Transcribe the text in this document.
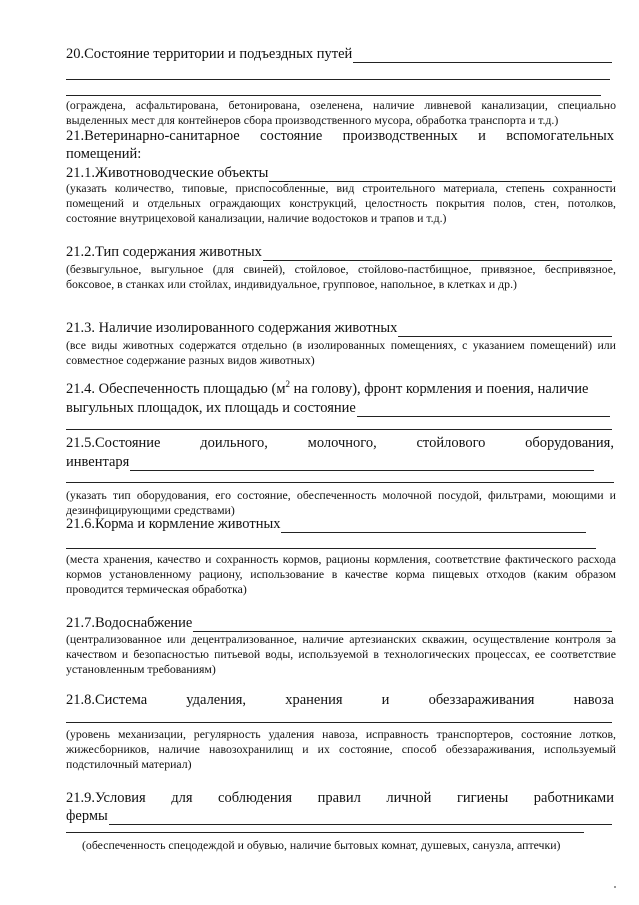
20.Состояние территории и подъездных путей
(ограждена, асфальтирована, бетонирована, озеленена, наличие ливневой канализации, специально выделенных мест для контейнеров сбора производственного мусора, обработка транспорта и т.д.)
21.Ветеринарно-санитарное состояние производственных и вспомогательных
помещений:
21.1.Животноводческие объекты
(указать количество, типовые, приспособленные, вид строительного материала, степень сохранности помещений и отдельных ограждающих конструкций, целостность покрытия полов, стен, потолков, состояние внутрицеховой канализации, наличие водостоков и трапов и т.д.)
21.2.Тип содержания животных
(безвыгульное, выгульное (для свиней), стойловое, стойлово-пастбищное, привязное, беспривязное, боксовое, в станках или стойлах, индивидуальное, групповое, напольное, в клетках и др.)
21.3. Наличие изолированного содержания животных
(все виды животных содержатся отдельно (в изолированных помещениях, с указанием помещений) или совместное содержание разных видов животных)
21.4. Обеспеченность площадью ($м^2$ на голову), фронт кормления и поения, наличие
выгульных площадок, их площадь и состояние
21.5.Состояние	доильного,	молочного,	стойлового	оборудования,
инвентаря
(указать тип оборудования, его состояние, обеспеченность молочной посудой, фильтрами, моющими и дезинфицирующими средствами)
21.6.Корма и кормление животных
(места хранения, качество и сохранность кормов, рационы кормления, соответствие фактического расхода кормов установленному рациону, использование в качестве корма пищевых отходов (каким образом проводится термическая обработка)
21.7.Водоснабжение
(централизованное или децентрализованное, наличие артезианских скважин, осуществление контроля за качеством и безопасностью питьевой воды, используемой в технологических процессах, ее соответствие установленным требованиям)
21.8.Система	удаления,	хранения	и	обеззараживания	навоза
(уровень механизации, регулярность удаления навоза, исправность транспортеров, состояние лотков, жижесборников, наличие навозохранилищ и их состояние, способ обеззараживания, используемый подстилочный материал)
21.9.Условия для соблюдения правил личной гигиены работниками
фермы
(обеспеченность спецодеждой и обувью, наличие бытовых комнат, душевых, санузла, аптечки)
